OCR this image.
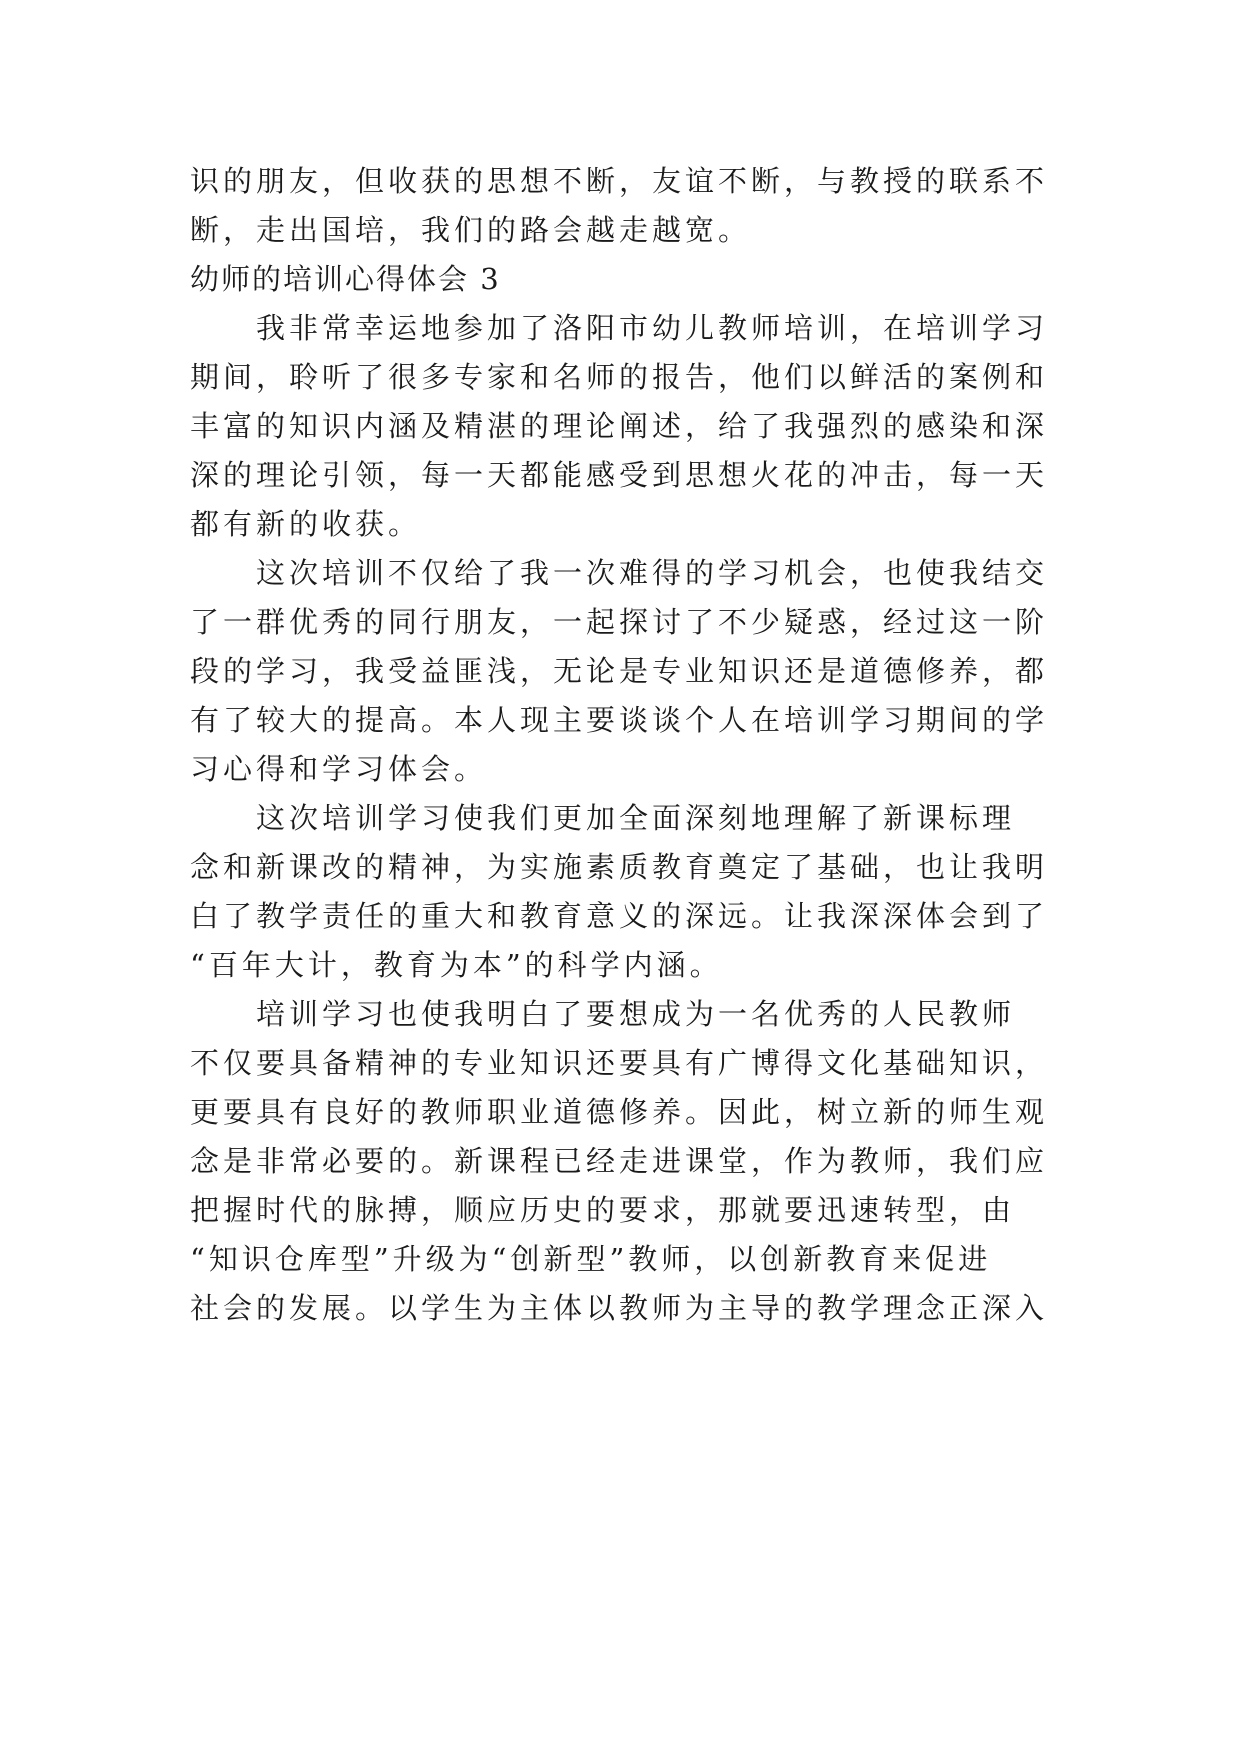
识的朋友，但收获的思想不断，友谊不断，与教授的联系不
断，走出国培，我们的路会越走越宽。
幼师的培训心得体会 3
我非常幸运地参加了洛阳市幼儿教师培训，在培训学习
期间，聆听了很多专家和名师的报告，他们以鲜活的案例和
丰富的知识内涵及精湛的理论阐述，给了我强烈的感染和深
深的理论引领，每一天都能感受到思想火花的冲击，每一天
都有新的收获。
这次培训不仅给了我一次难得的学习机会，也使我结交
了一群优秀的同行朋友，一起探讨了不少疑惑，经过这一阶
段的学习，我受益匪浅，无论是专业知识还是道德修养，都
有了较大的提高。本人现主要谈谈个人在培训学习期间的学
习心得和学习体会。
这次培训学习使我们更加全面深刻地理解了新课标理
念和新课改的精神，为实施素质教育奠定了基础，也让我明
白了教学责任的重大和教育意义的深远。让我深深体会到了
“百年大计，教育为本”的科学内涵。
培训学习也使我明白了要想成为一名优秀的人民教师
不仅要具备精神的专业知识还要具有广博得文化基础知识，
更要具有良好的教师职业道德修养。因此，树立新的师生观
念是非常必要的。新课程已经走进课堂，作为教师，我们应
把握时代的脉搏，顺应历史的要求，那就要迅速转型，由
“知识仓库型”升级为“创新型”教师，以创新教育来促进
社会的发展。以学生为主体以教师为主导的教学理念正深入
